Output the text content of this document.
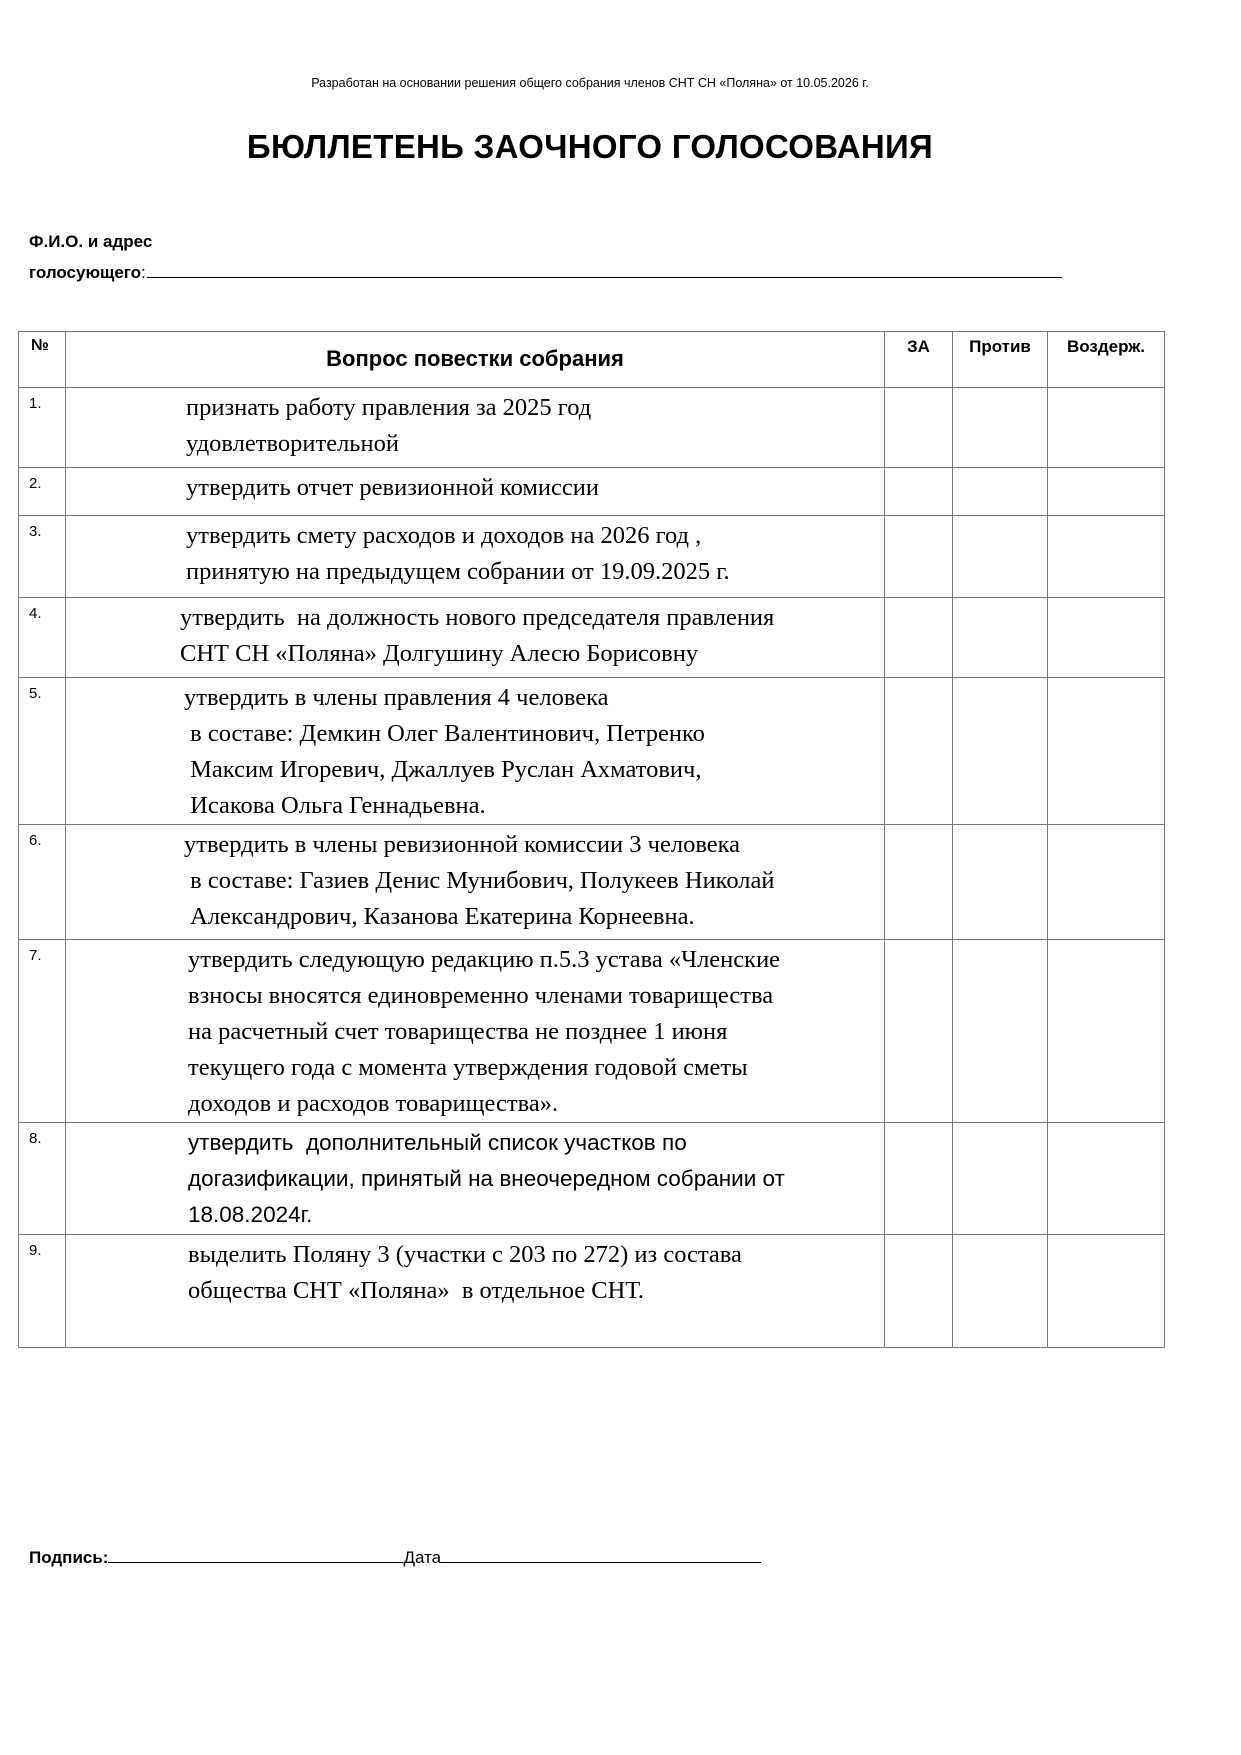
Разработан на основании решения общего собрания членов СНТ СН «Поляна» от 10.05.2026 г.
БЮЛЛЕТЕНЬ ЗАОЧНОГО ГОЛОСОВАНИЯ
Ф.И.О. и адрес
голосующего:
№	Вопрос повестки собрания	ЗА	Против	Воздерж.
1.	признать работу правления за 2025 год

удовлетворительной			

2.	утвердить отчет ревизионной комиссии			

3.	утвердить смету расходов и доходов на 2026 год ,

принятую на предыдущем собрании от 19.09.2025 г.			

4.	утвердить  на должность нового председателя правления

СНТ СН «Поляна» Долгушину Алесю Борисовну			

5.	утвердить в члены правления 4 человека

в составе: Демкин Олег Валентинович, Петренко

Максим Игоревич, Джаллуев Руслан Ахматович,

Исакова Ольга Геннадьевна.			

6.	утвердить в члены ревизионной комиссии 3 человека

в составе: Газиев Денис Мунибович, Полукеев Николай

Александрович, Казанова Екатерина Корнеевна.			

7.	утвердить следующую редакцию п.5.3 устава «Членские

взносы вносятся единовременно членами товарищества

на расчетный счет товарищества не позднее 1 июня

текущего года с момента утверждения годовой сметы

доходов и расходов товарищества».			

8.	утвердить  дополнительный список участков по

догазификации, принятый на внеочередном собрании от

18.08.2024г.			

9.	выделить Поляну 3 (участки с 203 по 272) из состава

общества СНТ «Поляна»  в отдельное СНТ.			

Подпись:	Дата
